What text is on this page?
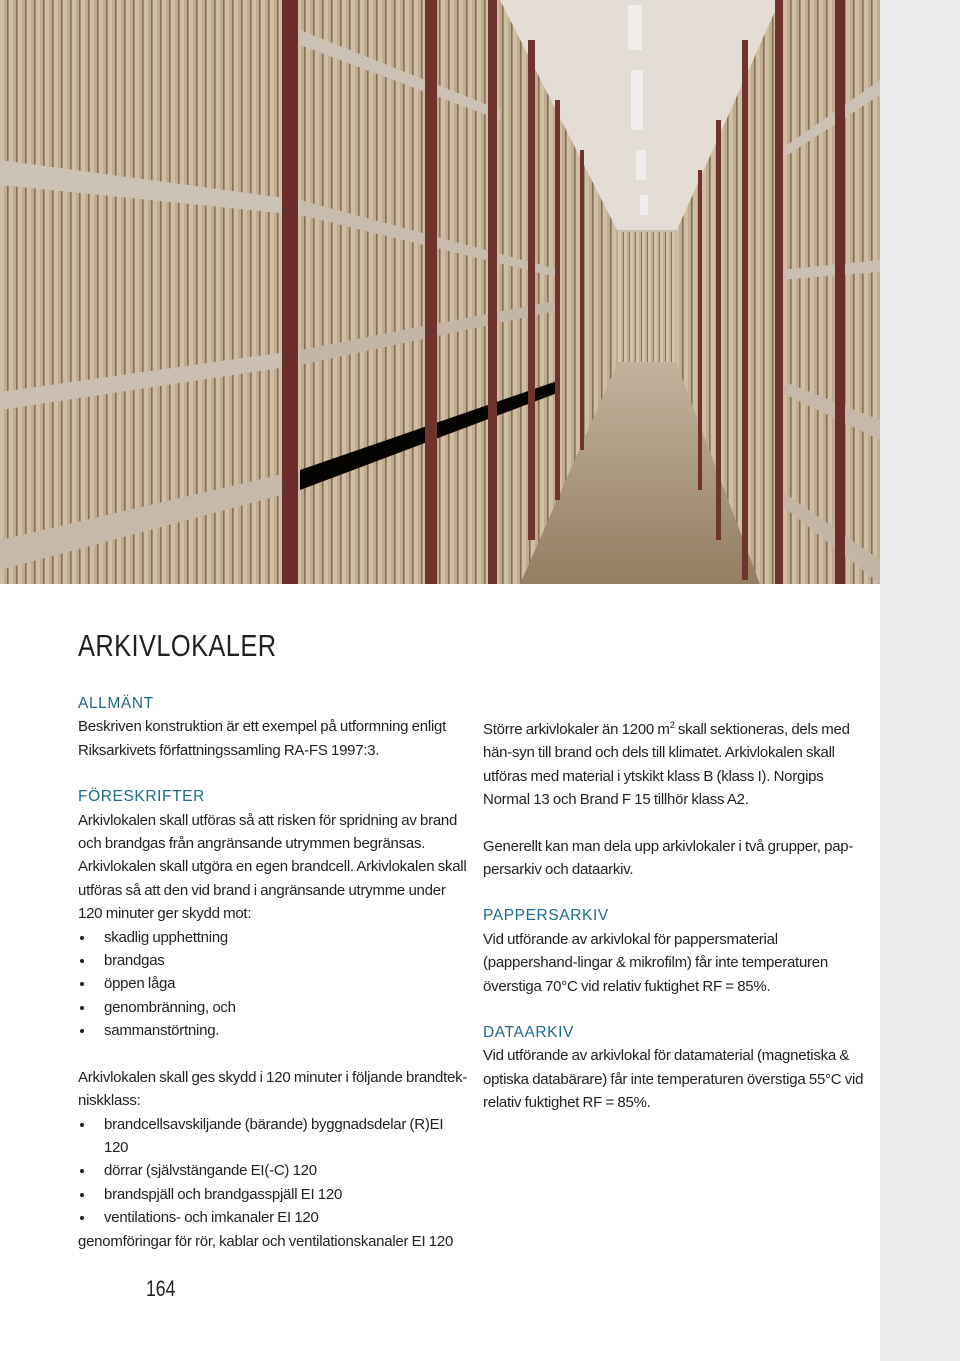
ARKIVLOKALER
ALLMÄNT

Beskriven konstruktion är ett exempel på utformning enligt Riksarkivets författningssamling RA-FS 1997:3.

FÖRESKRIFTER

Arkivlokalen skall utföras så att risken för spridning av brand och brandgas från angränsande utrymmen begränsas. Arkivlokalen skall utgöra en egen brandcell. Arkivlokalen skall utföras så att den vid brand i angränsande utrymme under 120 minuter ger skydd mot:

skadlig upphettning
brandgas
öppen låga
genombränning, och
sammanstörtning.

Arkivlokalen skall ges skydd i 120 minuter i följande brandtek-niskklass:

brandcellsavskiljande (bärande) byggnadsdelar (R)EI 120
dörrar (självstängande EI(-C) 120
brandspjäll och brandgasspjäll EI 120
ventilations- och imkanaler EI 120

genomföringar för rör, kablar och ventilationskanaler EI 120

Större arkivlokaler än 1200 $m^2$ skall sektioneras, dels med hän-syn till brand och dels till klimatet. Arkivlokalen skall utföras med material i ytskikt klass B (klass I). Norgips Normal 13 och Brand F 15 tillhör klass A2.

Generellt kan man dela upp arkivlokaler i två grupper, pap-persarkiv och dataarkiv.

PAPPERSARKIV

Vid utförande av arkivlokal för pappersmaterial (pappershand-lingar & mikrofilm) får inte temperaturen överstiga 70°C vid relativ fuktighet RF = 85%.

DATAARKIV

Vid utförande av arkivlokal för datamaterial (magnetiska & optiska databärare) får inte temperaturen överstiga 55°C vid relativ fuktighet RF = 85%.

164
